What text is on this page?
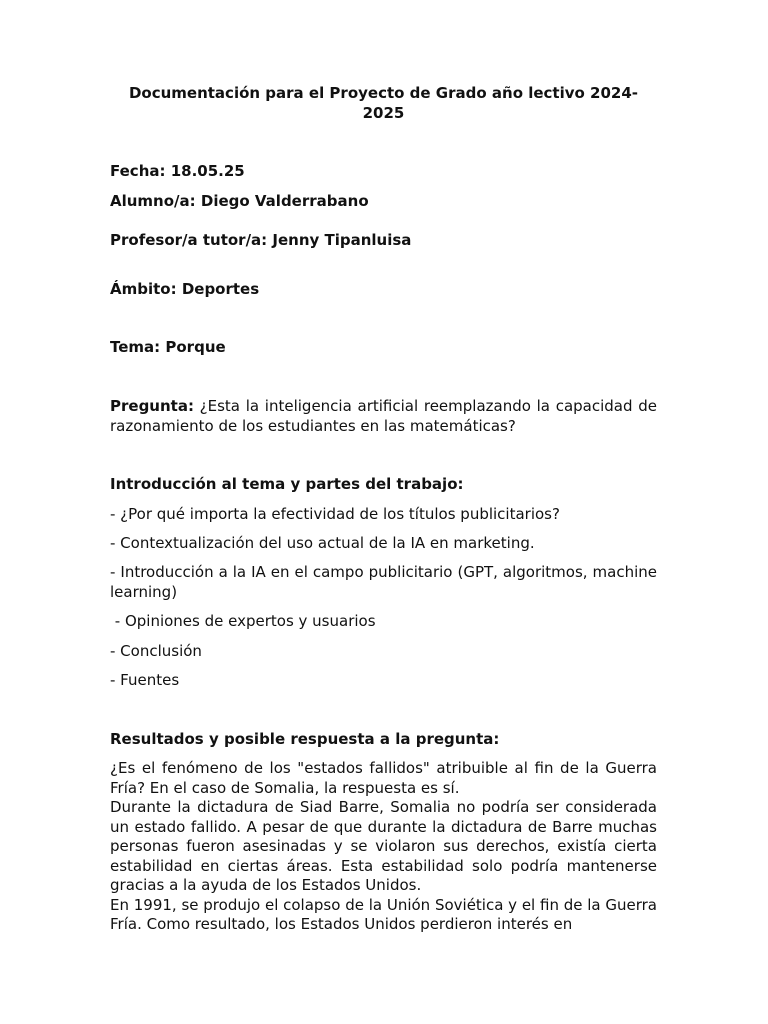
Documentación para el Proyecto de Grado año lectivo 2024-2025

Fecha: 18.05.25

Alumno/a: Diego Valderrabano

Profesor/a tutor/a: Jenny Tipanluisa

Ámbito: Deportes

Tema: Porque

Pregunta: ¿Esta la inteligencia artificial reemplazando la capacidad de razonamiento de los estudiantes en las matemáticas?

Introducción al tema y partes del trabajo:

- ¿Por qué importa la efectividad de los títulos publicitarios?

- Contextualización del uso actual de la IA en marketing.

- Introducción a la IA en el campo publicitario (GPT, algoritmos, machine learning)

- Opiniones de expertos y usuarios

- Conclusión

- Fuentes

Resultados y posible respuesta a la pregunta:

¿Es el fenómeno de los "estados fallidos" atribuible al fin de la Guerra Fría? En el caso de Somalia, la respuesta es sí.
Durante la dictadura de Siad Barre, Somalia no podría ser considerada un estado fallido. A pesar de que durante la dictadura de Barre muchas personas fueron asesinadas y se violaron sus derechos, existía cierta estabilidad en ciertas áreas. Esta estabilidad solo podría mantenerse gracias a la ayuda de los Estados Unidos.
En 1991, se produjo el colapso de la Unión Soviética y el fin de la Guerra Fría. Como resultado, los Estados Unidos perdieron interés en
